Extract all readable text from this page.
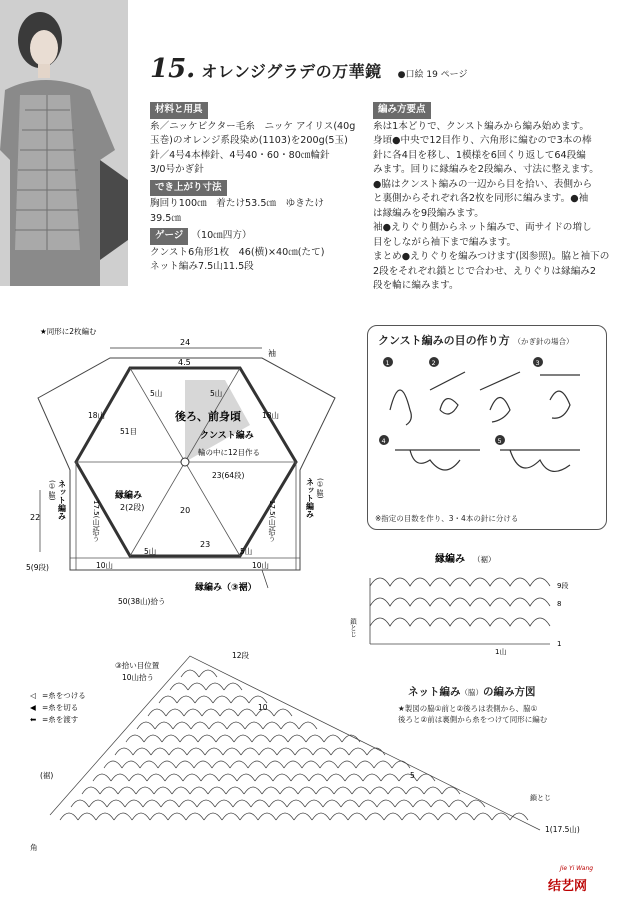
15. オレンジグラデの万華鏡 ●口絵 19 ページ
材料と用具
糸／ニッケビクター毛糸　ニッケ アイリス(40g
玉巻)のオレンジ系段染め(1103)を200g(5玉)
針／4号4本棒針、4号40・60・80㎝輪針
3/0号かぎ針
でき上がり寸法
胸回り100㎝　着たけ53.5㎝　ゆきたけ
39.5㎝
ゲージ （10㎝四方）
クンスト6角形1枚　46(横)×40㎝(たて)
ネット編み7.5山11.5段
編み方要点
糸は1本どりで、クンスト編みから編み始めます。
身頃●中央で12目作り、六角形に編むので3本の棒
針に各4目を移し、1模様を6回くり返して64段編
みます。回りに縁編みを2段編み、寸法に整えます。
●脇はクンスト編みの一辺から目を拾い、表側から
と裏側からそれぞれ各2枚を同形に編みます。●袖
は縁編みを9段編みます。
袖●えりぐり側からネット編みで、両サイドの増し
目をしながら袖下まで編みます。
まとめ●えりぐりを編みつけます(図参照)。脇と袖下の
2段をそれぞれ鎖とじで合わせ、えりぐりは縁編み2
段を輪に編みます。
★同形に2枚編む
24
4.5
袖
18山	18山
5山	5山
51目
後ろ、前身頃
クンスト編み
輪の中に12目作る
23(64段)
縁編み
2(2段)	20
23
ネット編み
(①脇)	ネット編み (①脇)
22
5(9段)
17.5(山)拾う	17.5(山)拾う
10山	10山
5山	5山
縁編み（③裾）
50(38山)拾う
クンスト編みの目の作り方 （かぎ針の場合）
1	2	3
4	5
※指定の目数を作り、3・4本の針に分ける
縁編み （裾）
9段
8
1
1山
鎖とじ
ネット編み（脇）の編み方図
★製図の脇①前と②後ろは表側から、脇①
後ろと②前は裏側から糸をつけて同形に編む
12段
③拾い目位置
10山拾う
10
5
1(17.5山)
(裾)
角
鎖とじ
◁ =糸をつける
◀ =糸を切る
⬅ =糸を渡す
Jie Yi Wang
结艺网
